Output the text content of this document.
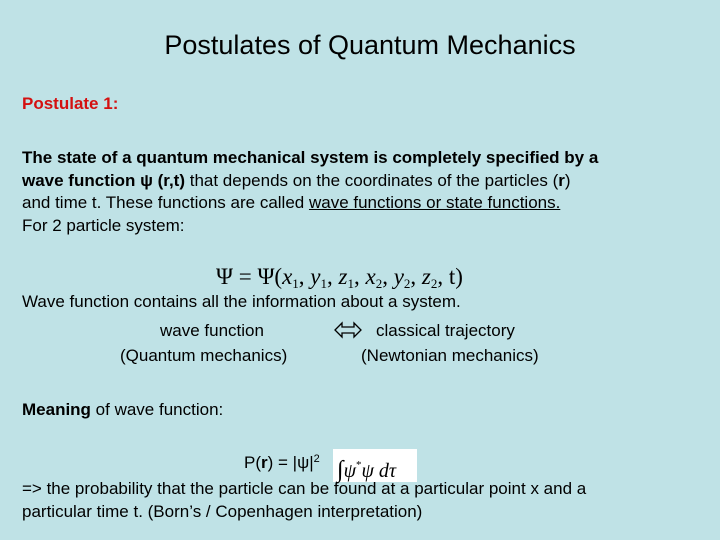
Postulates of Quantum Mechanics
Postulate 1:
The state of a quantum mechanical system is completely specified by a
wave function ψ (r,t) that depends on the coordinates of the particles (r)
and time t. These functions are called wave functions or state functions.
For 2 particle system:
$\Psi = \Psi(x_1$, $y_1$, $z_1$, $x_2$, $y_2$, $z_2$, t)
Wave function contains all the information about a system.
wave function	classical trajectory
(Quantum mechanics)	(Newtonian mechanics)
Meaning of wave function:
$P(r) = |\psi|^2$ ∫ψ*ψ dτ
=> the probability that the particle can be found at a particular point x and a
particular time t. (Born’s / Copenhagen interpretation)
